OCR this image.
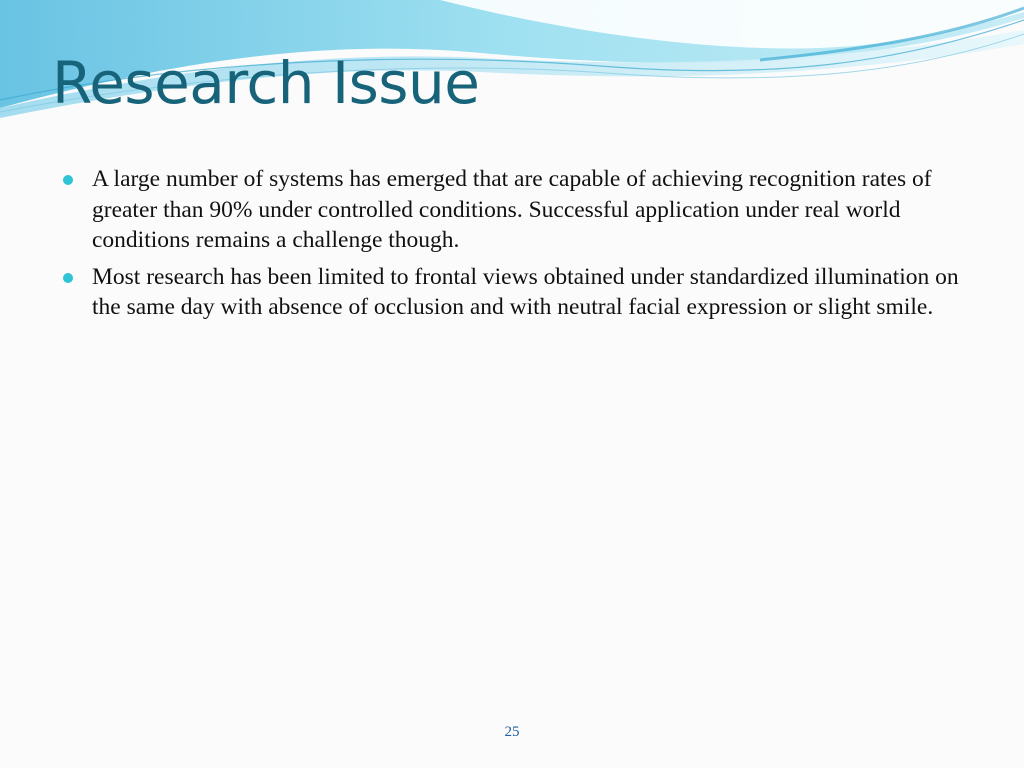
Research Issue
A large number of systems has emerged that are capable of achieving recognition rates of greater than 90% under controlled conditions. Successful application under real world conditions remains a challenge though.
Most research has been limited to frontal views obtained under standardized illumination on the same day with absence of occlusion and with neutral facial expression or slight smile.
25
